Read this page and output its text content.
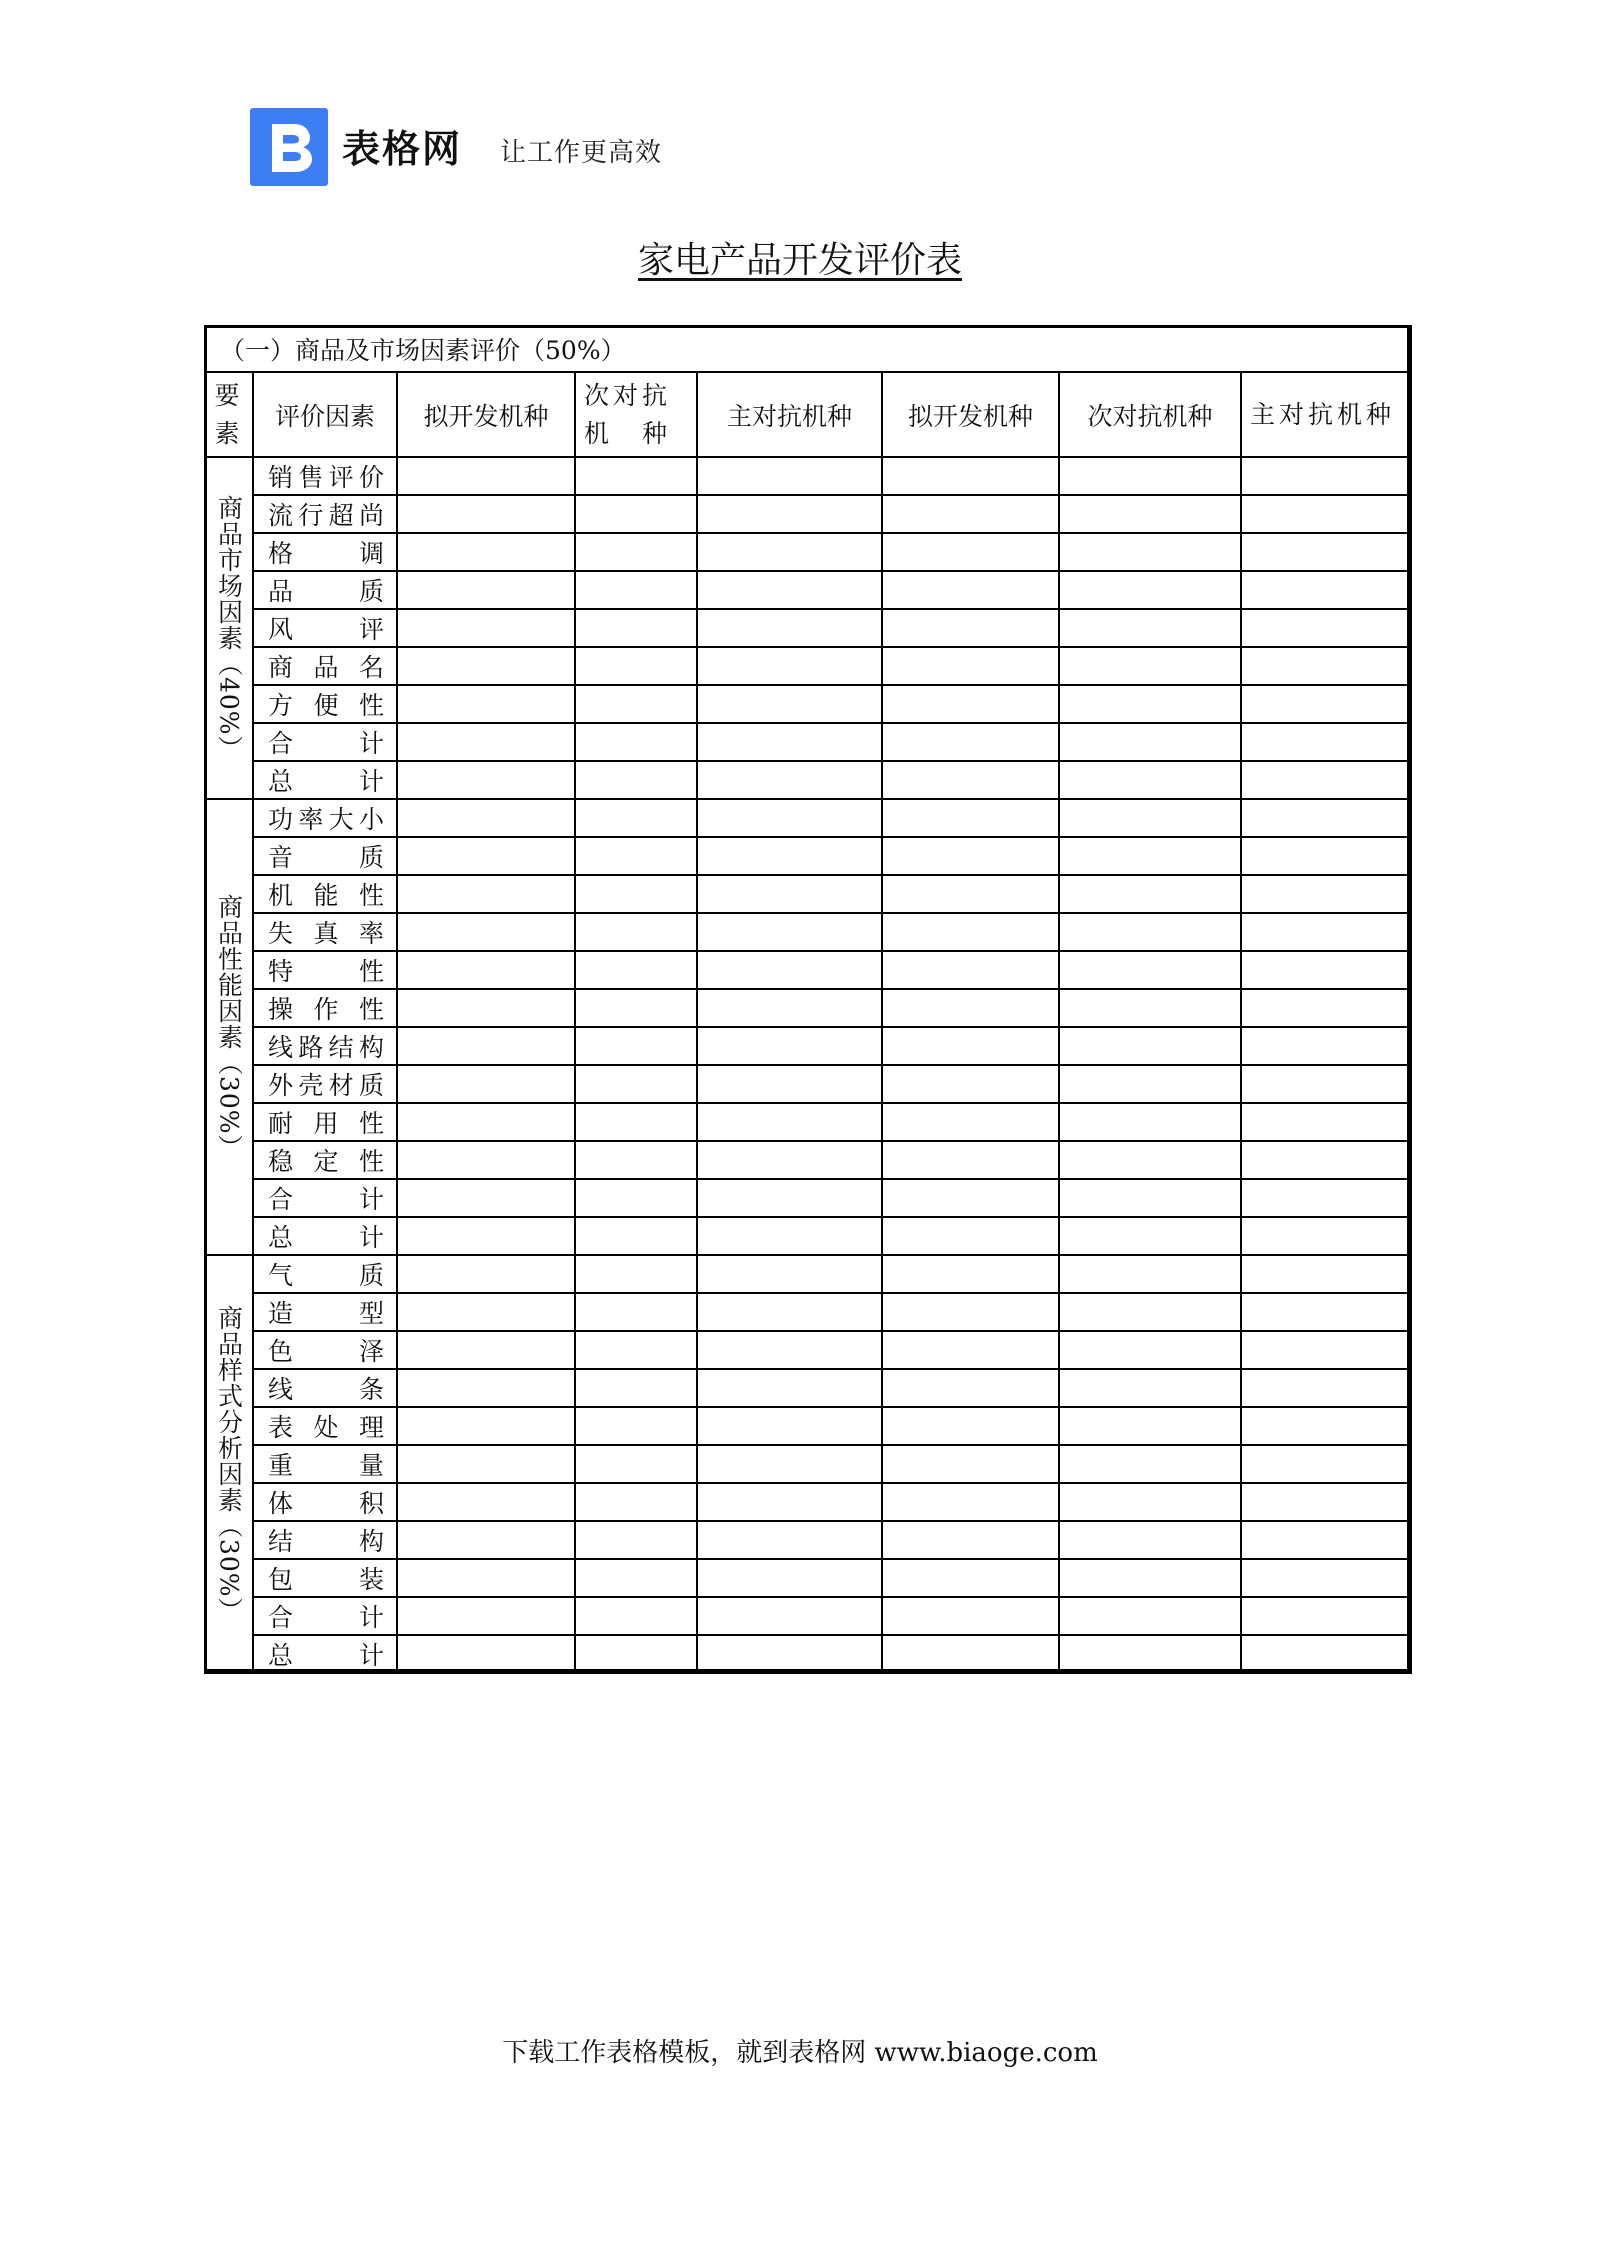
表格网 让工作更高效
家电产品开发评价表
（一）商品及市场因素评价（50%）							
要素	评价因素	拟开发机种	次对抗机　种	主对抗机种	拟开发机种	次对抗机种	主对抗机种

商品市场因素（40%）	销售评价						
	流行超尚						
	格调						
	品质						
	风评						
	商品名						
	方便性						
	合计						
	总计						

商品性能因素（30%）	功率大小						
	音质						
	机能性						
	失真率						
	特性						
	操作性						
	线路结构						
	外壳材质						
	耐用性						
	稳定性						
	合计						
	总计						

商品样式分析因素（30%）	气质						
	造型						
	色泽						
	线条						
	表处理						
	重量						
	体积						
	结构						
	包装						
	合计						
	总计						
下载工作表格模板，就到表格网 www.biaoge.com
